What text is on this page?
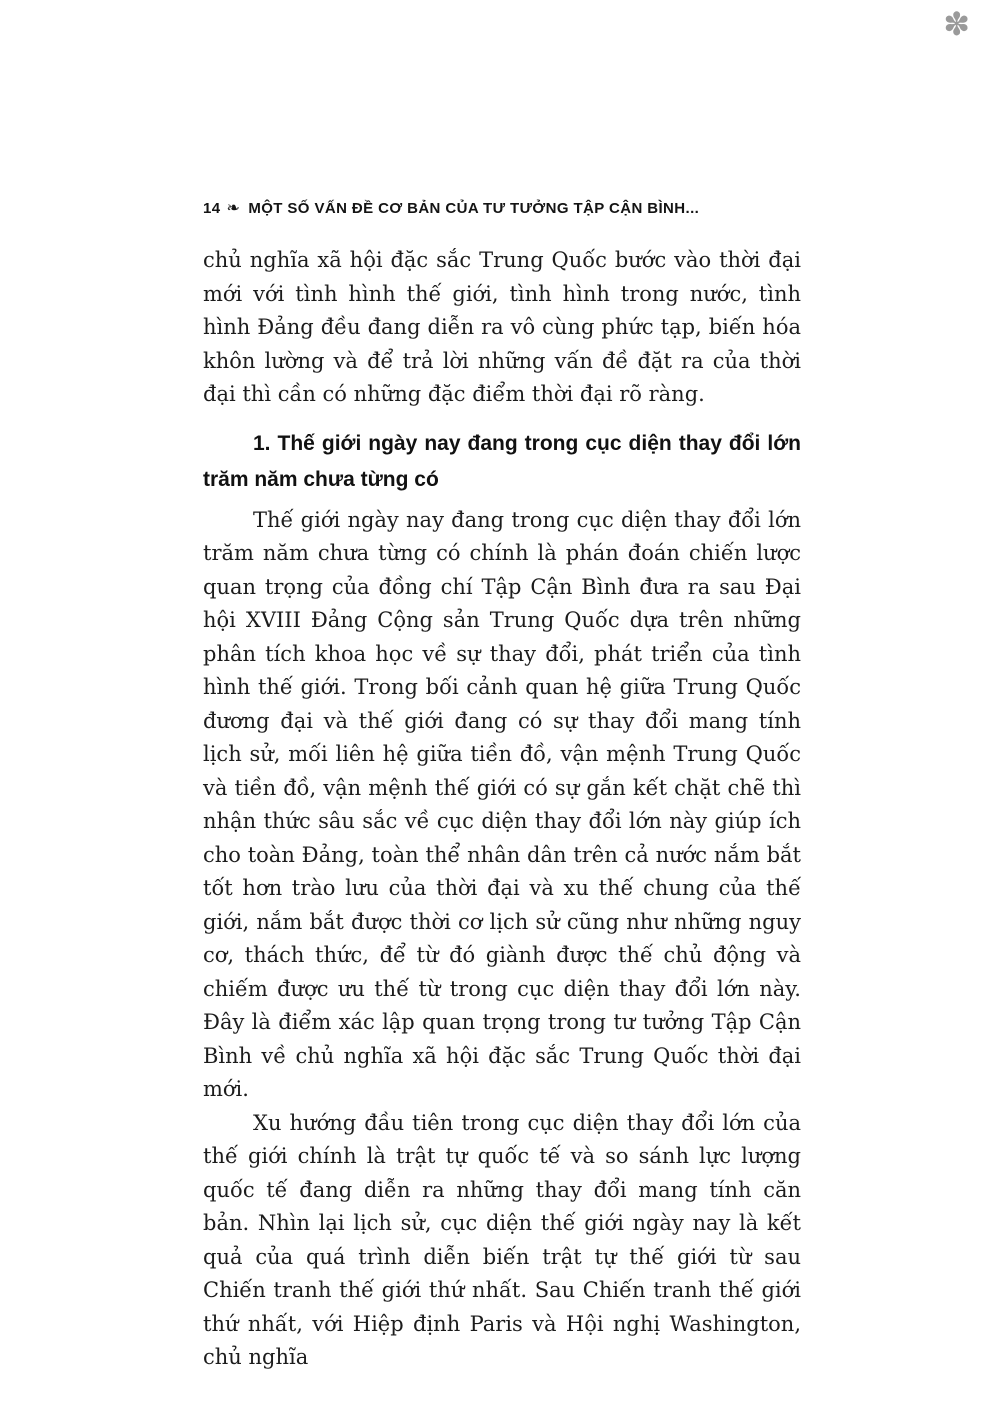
✽
14 ❧ MỘT SỐ VẤN ĐỀ CƠ BẢN CỦA TƯ TƯỞNG TẬP CẬN BÌNH...

chủ nghĩa xã hội đặc sắc Trung Quốc bước vào thời đại mới với tình hình thế giới, tình hình trong nước, tình hình Đảng đều đang diễn ra vô cùng phức tạp, biến hóa khôn lường và để trả lời những vấn đề đặt ra của thời đại thì cần có những đặc điểm thời đại rõ ràng.

1. Thế giới ngày nay đang trong cục diện thay đổi lớn trăm năm chưa từng có

Thế giới ngày nay đang trong cục diện thay đổi lớn trăm năm chưa từng có chính là phán đoán chiến lược quan trọng của đồng chí Tập Cận Bình đưa ra sau Đại hội XVIII Đảng Cộng sản Trung Quốc dựa trên những phân tích khoa học về sự thay đổi, phát triển của tình hình thế giới. Trong bối cảnh quan hệ giữa Trung Quốc đương đại và thế giới đang có sự thay đổi mang tính lịch sử, mối liên hệ giữa tiền đồ, vận mệnh Trung Quốc và tiền đồ, vận mệnh thế giới có sự gắn kết chặt chẽ thì nhận thức sâu sắc về cục diện thay đổi lớn này giúp ích cho toàn Đảng, toàn thể nhân dân trên cả nước nắm bắt tốt hơn trào lưu của thời đại và xu thế chung của thế giới, nắm bắt được thời cơ lịch sử cũng như những nguy cơ, thách thức, để từ đó giành được thế chủ động và chiếm được ưu thế từ trong cục diện thay đổi lớn này. Đây là điểm xác lập quan trọng trong tư tưởng Tập Cận Bình về chủ nghĩa xã hội đặc sắc Trung Quốc thời đại mới.

Xu hướng đầu tiên trong cục diện thay đổi lớn của thế giới chính là trật tự quốc tế và so sánh lực lượng quốc tế đang diễn ra những thay đổi mang tính căn bản. Nhìn lại lịch sử, cục diện thế giới ngày nay là kết quả của quá trình diễn biến trật tự thế giới từ sau Chiến tranh thế giới thứ nhất. Sau Chiến tranh thế giới thứ nhất, với Hiệp định Paris và Hội nghị Washington, chủ nghĩa
